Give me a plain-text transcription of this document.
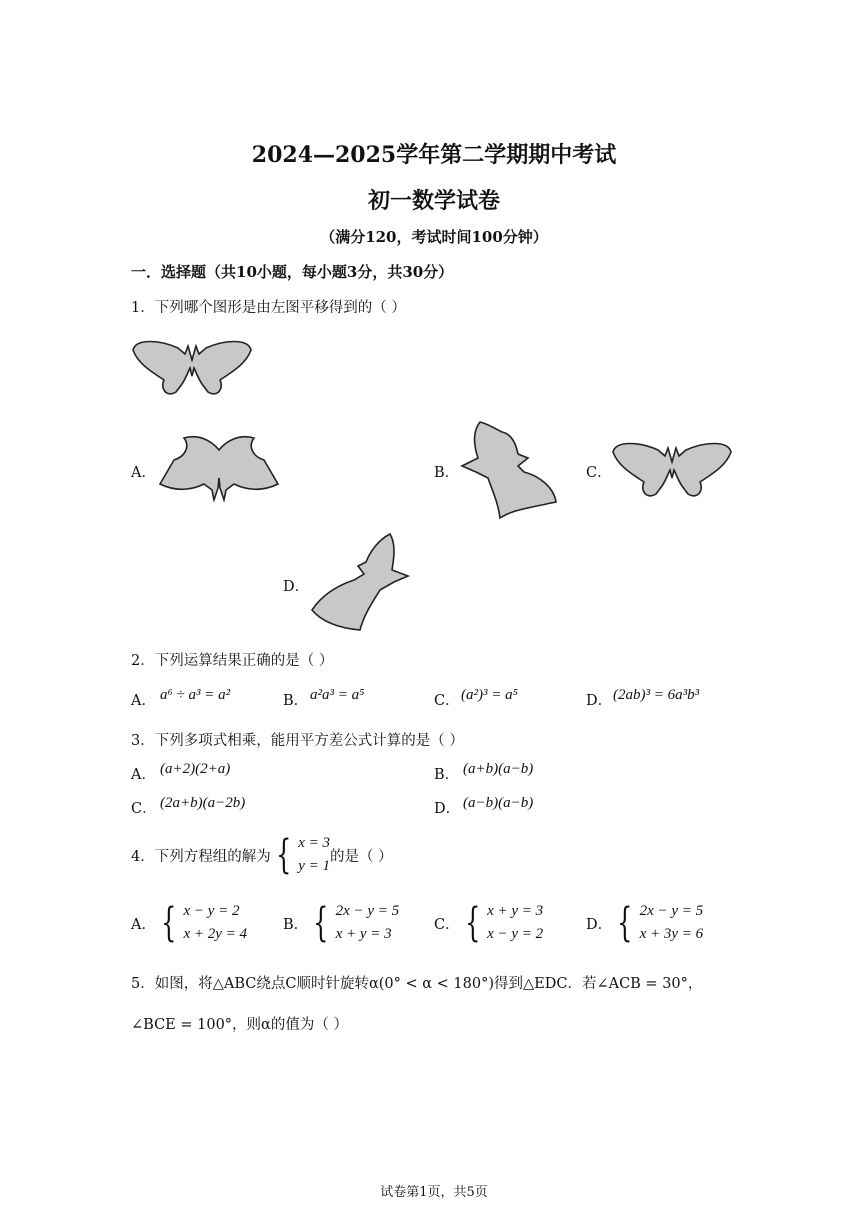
2024—2025学年第二学期期中考试
初一数学试卷
（满分120，考试时间100分钟）
一．选择题（共10小题，每小题3分，共30分）
1．下列哪个图形是由左图平移得到的（ ）
A．	B．	C．
D．
2．下列运算结果正确的是（ ）
A． a⁶ ÷ a³ = a²	B． a²a³ = a⁵	C． (a²)³ = a⁵	D． (2ab)³ = 6a³b³
3．下列多项式相乘，能用平方差公式计算的是（ ）
A． (a+2)(2+a)	B． (a+b)(a−b)
C． (2a+b)(a−2b)	D． (a−b)(a−b)
4．下列方程组的解为 { x = 3
y = 1
的是（ ）
A． { x − y = 2
x + 2y = 4
B． { 2x − y = 5
x + y = 3
C． { x + y = 3
x − y = 2
D． { 2x − y = 5
x + 3y = 6
5．如图，将△ABC绕点C顺时针旋转α(0° < α < 180°)得到△EDC．若∠ACB = 30°，
∠BCE = 100°，则α的值为（ ）
试卷第1页，共5页
